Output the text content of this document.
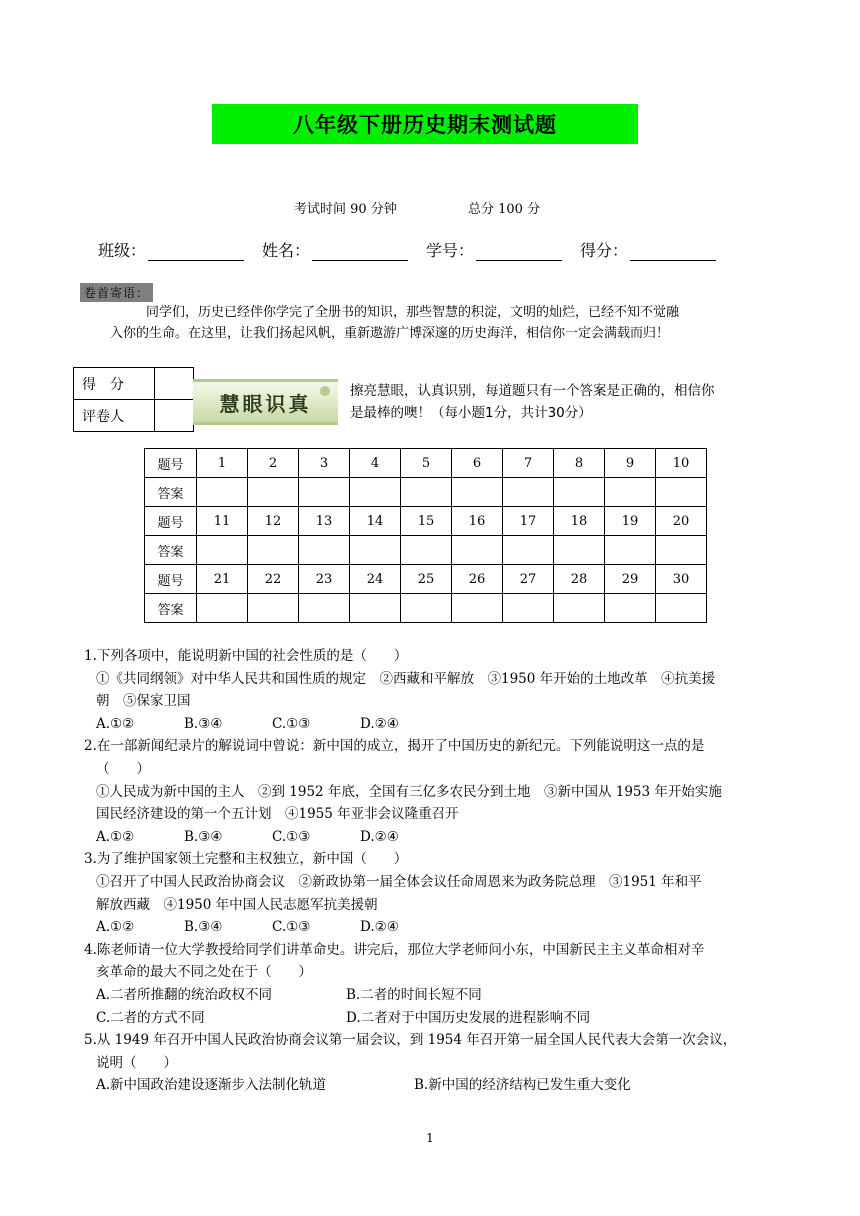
八年级下册历史期末测试题
考试时间 90 分钟	总分 100 分
班级：	姓名：	学号：	得分：
卷首寄语：

同学们，历史已经伴你学完了全册书的知识，那些智慧的积淀，文明的灿烂，已经不知不觉融

入你的生命。在这里，让我们扬起风帆，重新遨游广博深邃的历史海洋，相信你一定会满载而归！

得　分	
评卷人	
慧眼识真
擦亮慧眼，认真识别，每道题只有一个答案是正确的，相信你
是最棒的噢！（每小题1分，共计30分）
题号	1	2	3	4	5	6	7	8	9	10
答案										
题号	11	12	13	14	15	16	17	18	19	20
答案										
题号	21	22	23	24	25	26	27	28	29	30
答案										

1.下列各项中，能说明新中国的社会性质的是（　　）

①《共同纲领》对中华人民共和国性质的规定　②西藏和平解放　③1950 年开始的土地改革　④抗美援

朝　⑤保家卫国

A.①②	B.③④	C.①③	D.②④

2.在一部新闻纪录片的解说词中曾说：新中国的成立，揭开了中国历史的新纪元。下列能说明这一点的是

（　　）

①人民成为新中国的主人　②到 1952 年底，全国有三亿多农民分到土地　③新中国从 1953 年开始实施

国民经济建设的第一个五计划　④1955 年亚非会议隆重召开

A.①②	B.③④	C.①③	D.②④

3.为了维护国家领土完整和主权独立，新中国（　　）

①召开了中国人民政治协商会议　②新政协第一届全体会议任命周恩来为政务院总理　③1951 年和平

解放西藏　④1950 年中国人民志愿军抗美援朝

A.①②	B.③④	C.①③	D.②④

4.陈老师请一位大学教授给同学们讲革命史。讲完后，那位大学老师问小东，中国新民主主义革命相对辛

亥革命的最大不同之处在于（　　）

A.二者所推翻的统治政权不同	B.二者的时间长短不同

C.二者的方式不同	D.二者对于中国历史发展的进程影响不同

5.从 1949 年召开中国人民政治协商会议第一届会议，到 1954 年召开第一届全国人民代表大会第一次会议，

说明（　　）

A.新中国政治建设逐渐步入法制化轨道	B.新中国的经济结构已发生重大变化

1
